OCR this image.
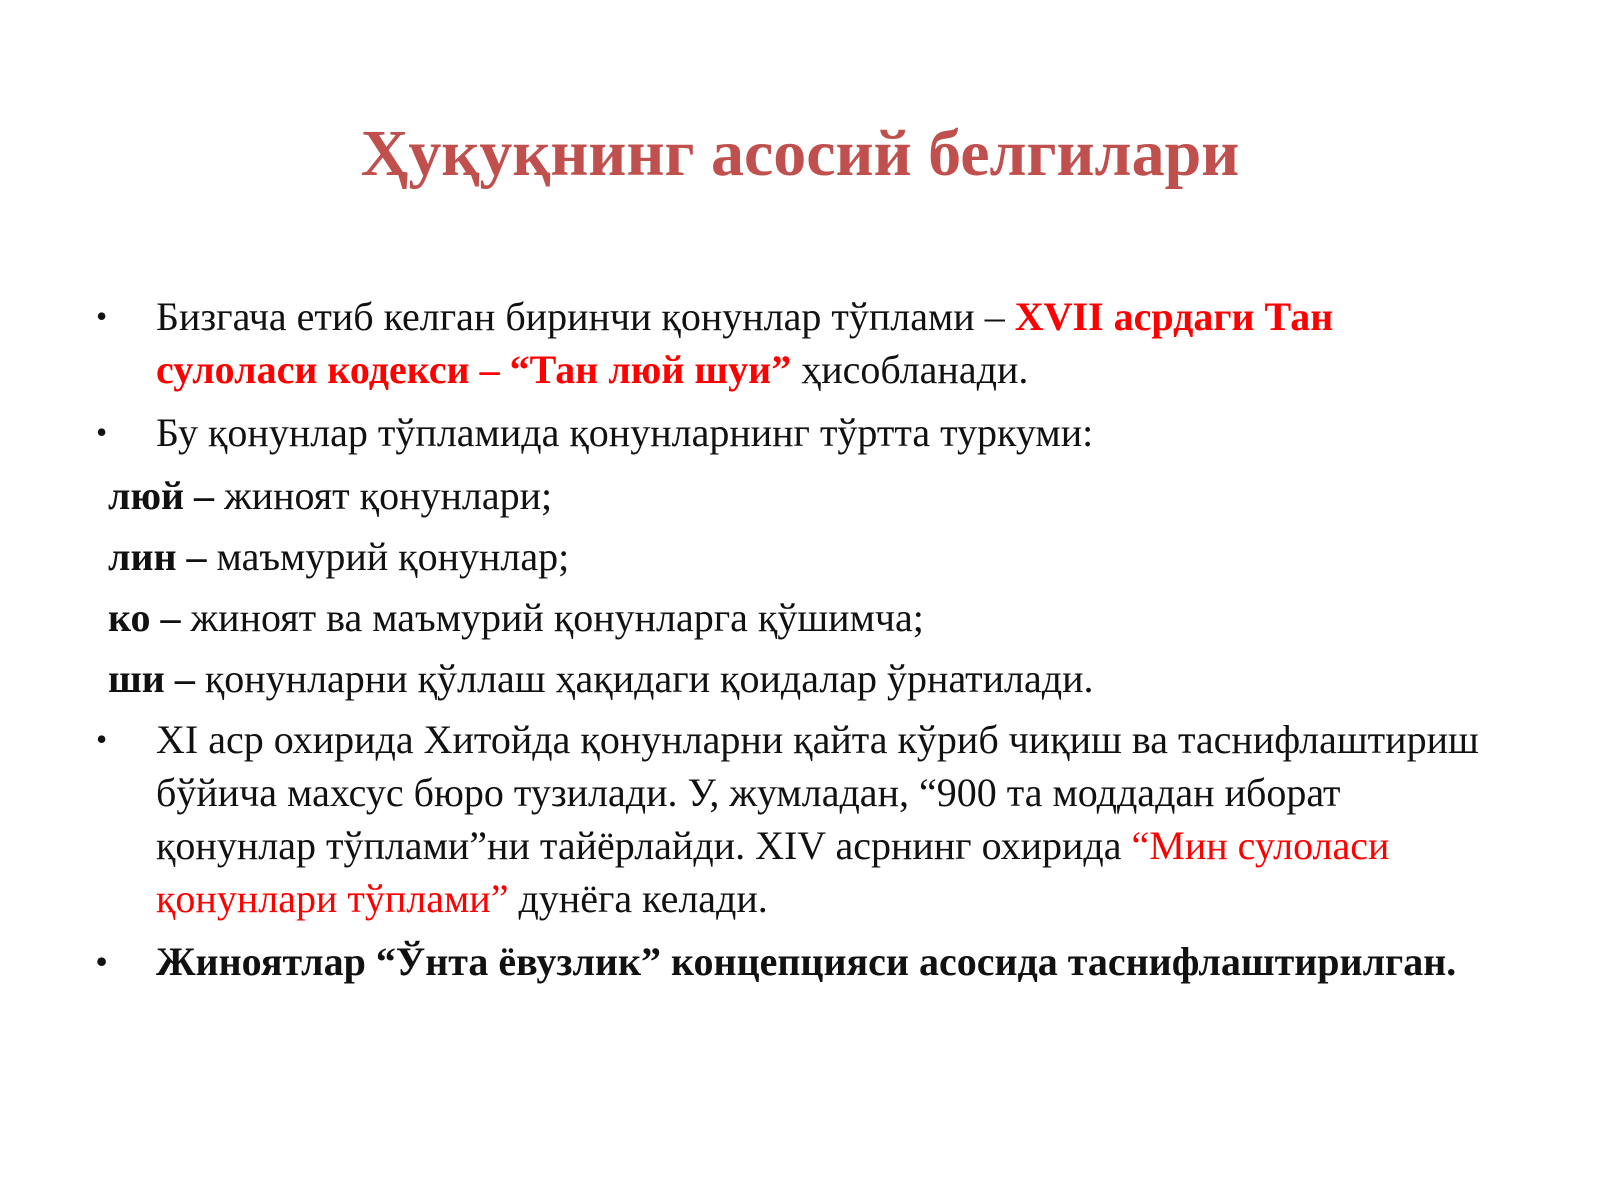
Ҳуқуқнинг асосий белгилари

• Бизгача етиб келган биринчи қонунлар тўплами – XVII асрдаги Тан сулоласи кодекси – “Тан люй шуи” ҳисобланади.

• Бу қонунлар тўпламида қонунларнинг тўртта туркуми:

люй – жиноят қонунлари;

лин – маъмурий қонунлар;

ко – жиноят ва маъмурий қонунларга қўшимча;

ши – қонунларни қўллаш ҳақидаги қоидалар ўрнатилади.

• XI аср охирида Хитойда қонунларни қайта кўриб чиқиш ва таснифлаштириш бўйича махсус бюро тузилади. У, жумладан, “900 та моддадан иборат қонунлар тўплами”ни тайёрлайди. XIV асрнинг охирида “Мин сулоласи қонунлари тўплами” дунёга келади.

• Жиноятлар “Ўнта ёвузлик” концепцияси асосида таснифлаштирилган.
